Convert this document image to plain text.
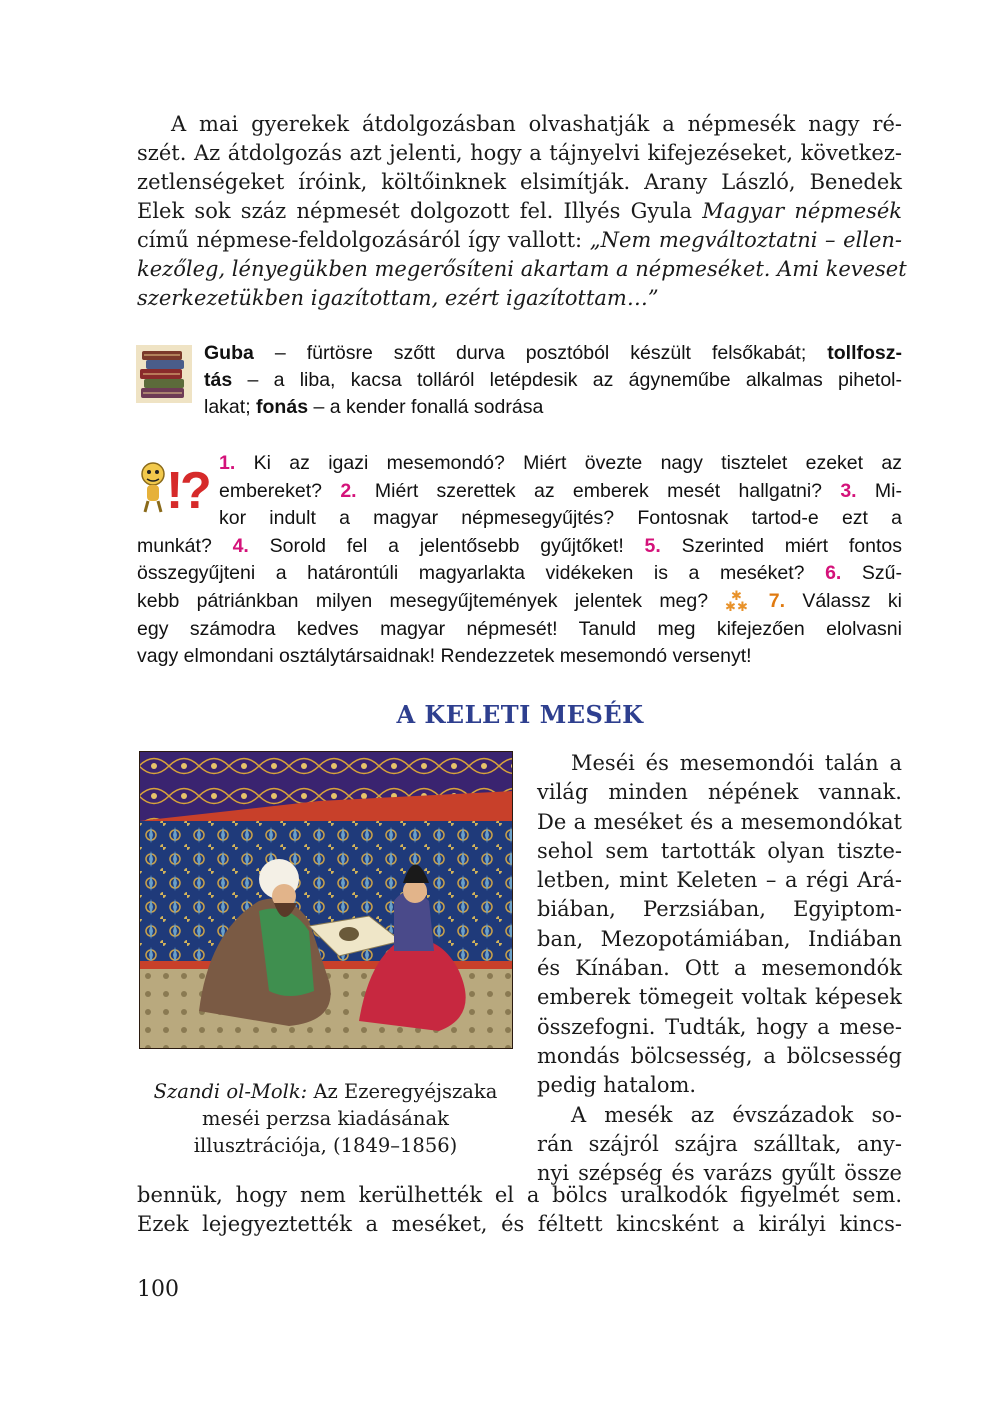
A mai gyerekek átdolgozásban olvashatják a népmesék nagy ré-
szét. Az átdolgozás azt jelenti, hogy a tájnyelvi kifejezéseket, következ-
zetlenségeket íróink, költőinknek elsimítják. Arany László, Benedek
Elek sok száz népmesét dolgozott fel. Illyés Gyula Magyar népmesék
című népmese-feldolgozásáról így vallott: „Nem megváltoztatni – ellen-
kezőleg, lényegükben megerősíteni akartam a népmeséket. Ami keveset
szerkezetükben igazítottam, ezért igazítottam…”
Guba – fürtösre szőtt durva posztóból készült felsőkabát; tollfosz-
tás – a liba, kacsa tolláról letépdesik az ágyneműbe alkalmas pihetol-
lakat; fonás – a kender fonallá sodrása
!
? 1. Ki az igazi mesemondó? Miért övezte nagy tisztelet ezeket az
embereket? 2. Miért szerettek az emberek mesét hallgatni? 3. Mi-
kor indult a magyar népmesegyűjtés? Fontosnak tartod-e ezt a
munkát? 4. Sorold fel a jelentősebb gyűjtőket! 5. Szerinted miért fontos
összegyűjteni a határontúli magyarlakta vidékeken is a meséket? 6. Szű-
kebb pátriánkban milyen mesegyűjtemények jelentek meg? ✱
✱ ✱ 7. Válassz ki
egy számodra kedves magyar népmesét! Tanuld meg kifejezően elolvasni
vagy elmondani osztálytársaidnak! Rendezzetek mesemondó versenyt!
A KELETI MESÉK
Szandi ol-Molk: Az Ezeregyéjszaka
meséi perzsa kiadásának
illusztrációja, (1849–1856)
Meséi és mesemondói talán a
világ minden népének vannak.
De a meséket és a mesemondókat
sehol sem tartották olyan tiszte-
letben, mint Keleten – a régi Ará-
biában, Perzsiában, Egyiptom-
ban, Mezopotámiában, Indiában
és Kínában. Ott a mesemondók
emberek tömegeit voltak képesek
összefogni. Tudták, hogy a mese-
mondás bölcsesség, a bölcsesség
pedig hatalom.
A mesék az évszázadok so-
rán szájról szájra szálltak, any-
nyi szépség és varázs gyűlt össze
bennük, hogy nem kerülhették el a bölcs uralkodók figyelmét sem.
Ezek lejegyeztették a meséket, és féltett kincsként a királyi kincs-
100
